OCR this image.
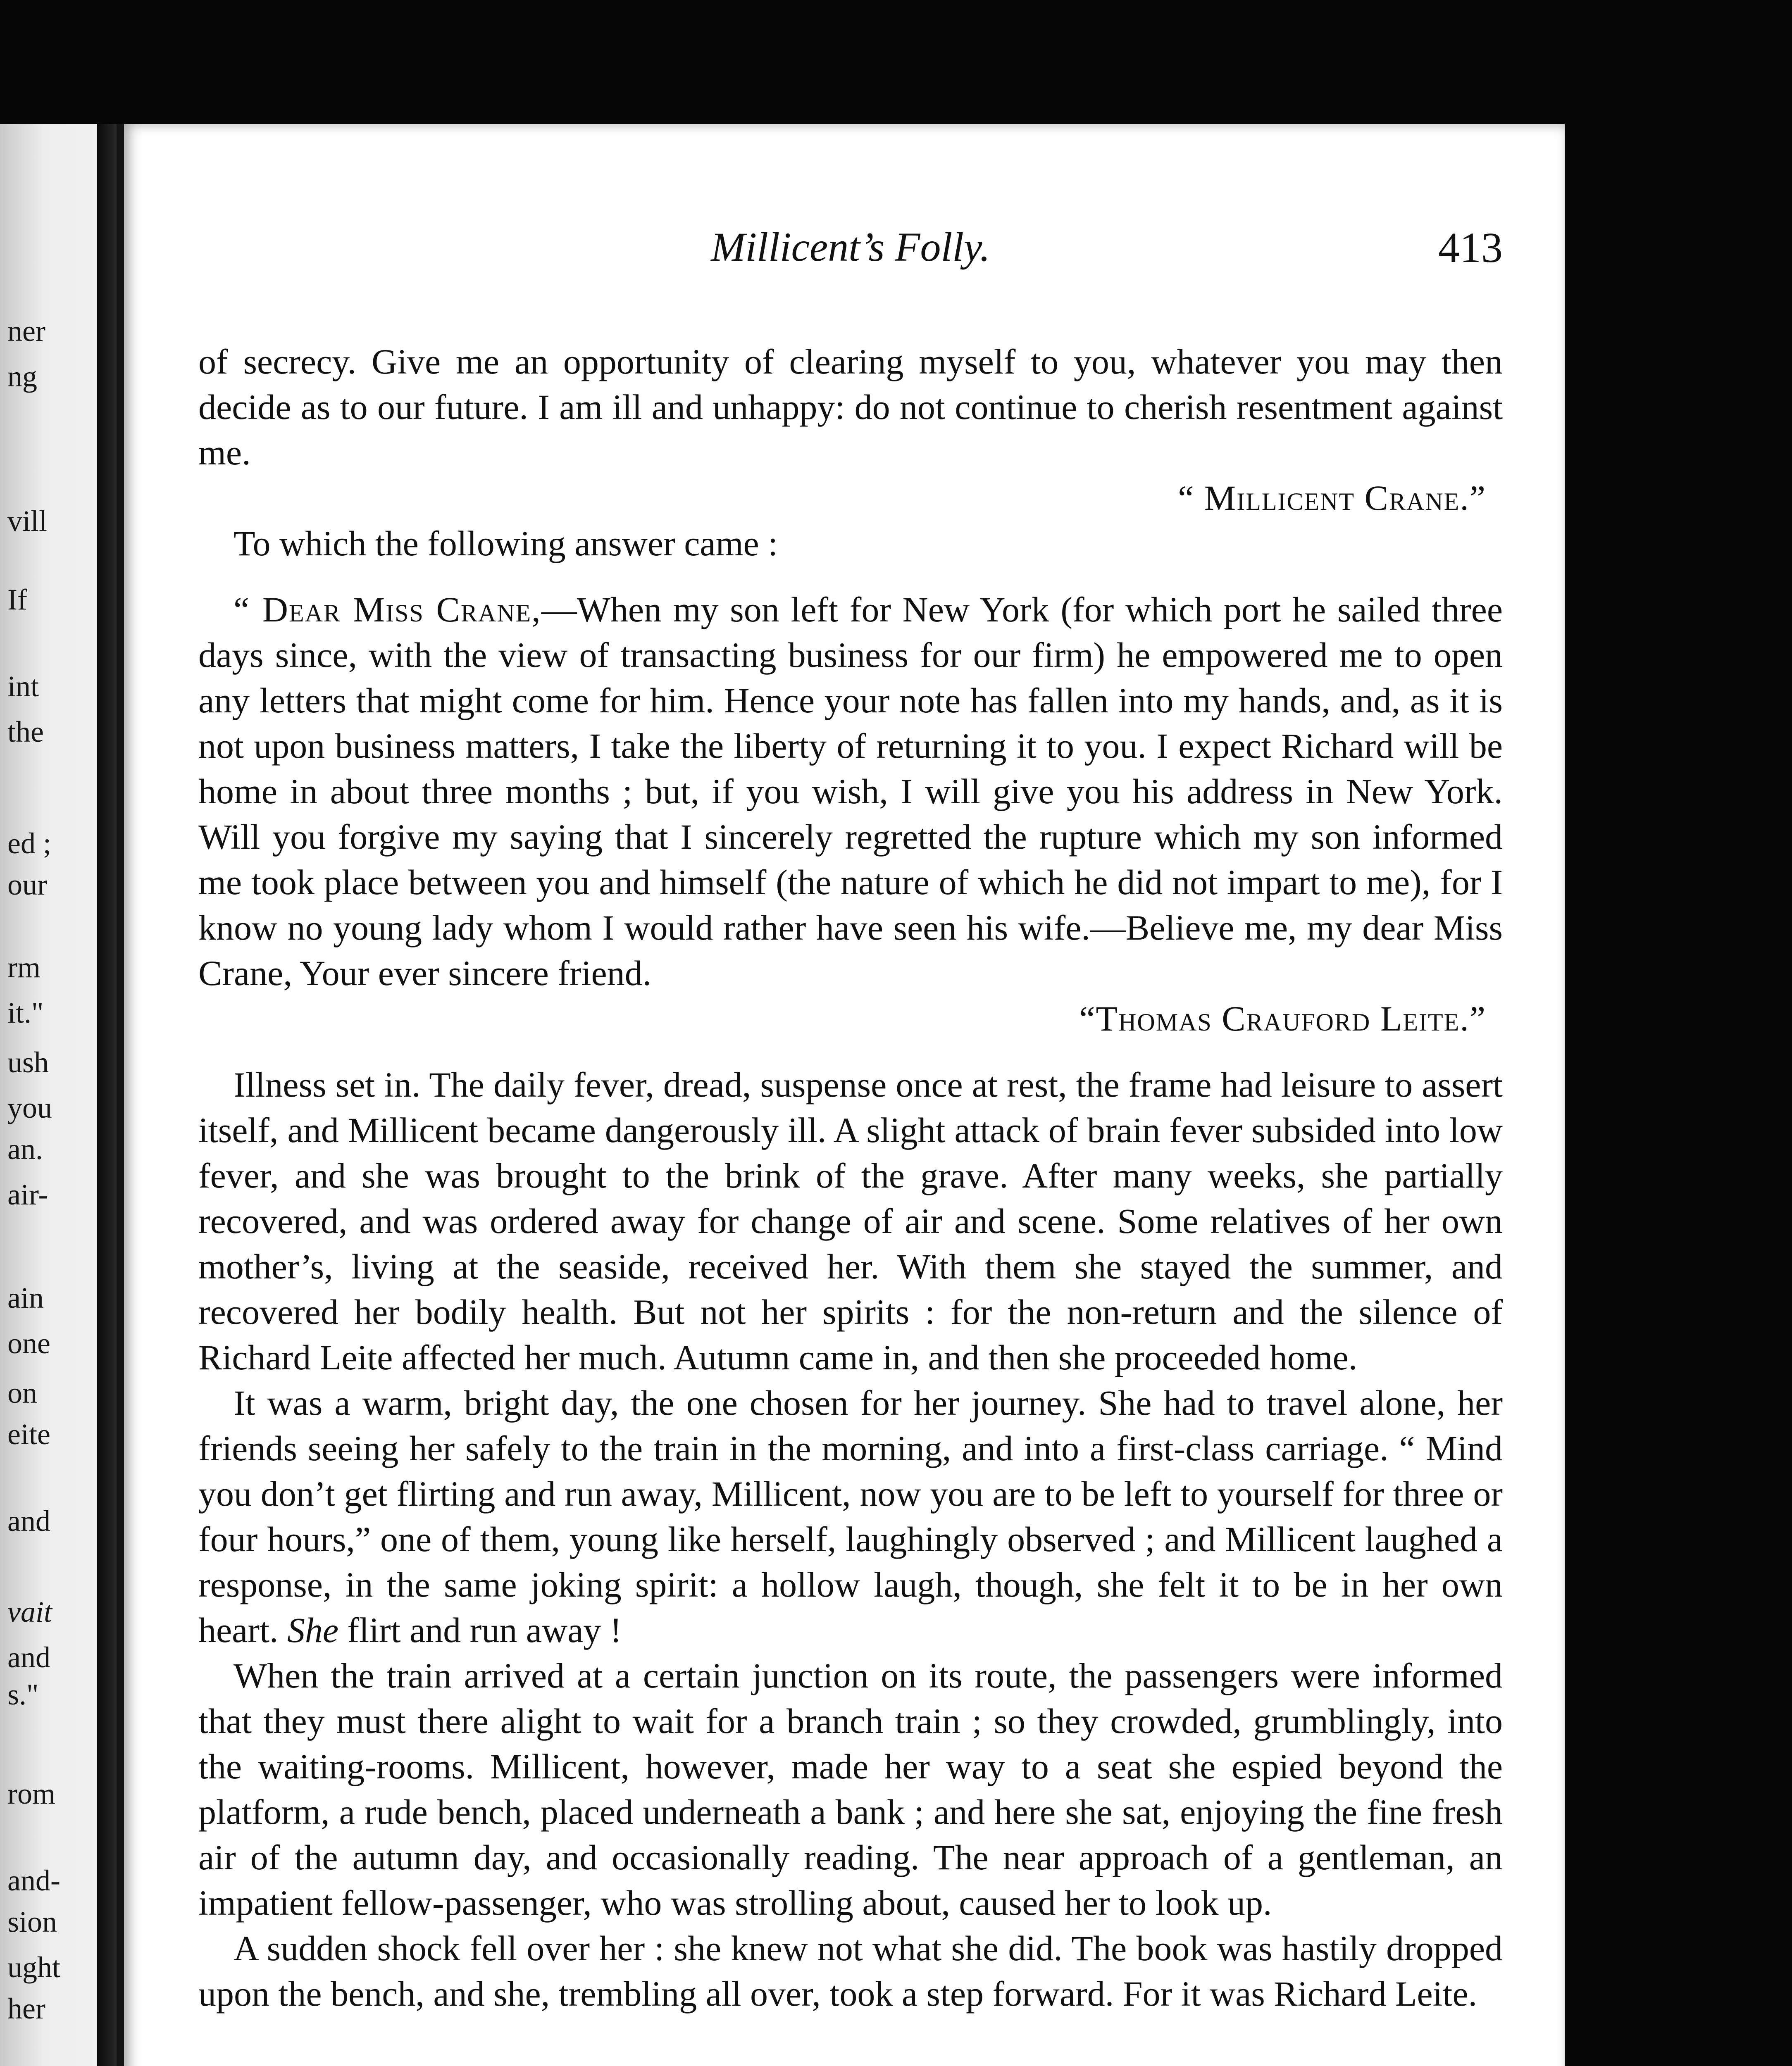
ner
ng
vill
If
int
the
ed ;
our
rm
it."
ush
you
an.
air-
ain
one
on
eite
and
vait
and
s."
rom
and-
sion
ught
her
Millicent’s Folly.	413

of secrecy. Give me an opportunity of clearing myself to you, whatever you may then decide as to our future. I am ill and unhappy: do not continue to cherish resentment against me.

“ Millicent Crane.”

To which the following answer came :

“ Dear Miss Crane,—When my son left for New York (for which port he sailed three days since, with the view of transacting business for our firm) he empowered me to open any letters that might come for him. Hence your note has fallen into my hands, and, as it is not upon business matters, I take the liberty of returning it to you. I expect Richard will be home in about three months ; but, if you wish, I will give you his address in New York. Will you forgive my saying that I sincerely regretted the rupture which my son informed me took place between you and himself (the nature of which he did not impart to me), for I know no young lady whom I would rather have seen his wife.—Believe me, my dear Miss Crane, Your ever sincere friend.

“Thomas Crauford Leite.”

Illness set in. The daily fever, dread, suspense once at rest, the frame had leisure to assert itself, and Millicent became dangerously ill. A slight attack of brain fever subsided into low fever, and she was brought to the brink of the grave. After many weeks, she partially recovered, and was ordered away for change of air and scene. Some relatives of her own mother’s, living at the seaside, received her. With them she stayed the summer, and recovered her bodily health. But not her spirits : for the non-return and the silence of Richard Leite affected her much. Autumn came in, and then she proceeded home.

It was a warm, bright day, the one chosen for her journey. She had to travel alone, her friends seeing her safely to the train in the morning, and into a first-class carriage. “ Mind you don’t get flirting and run away, Millicent, now you are to be left to yourself for three or four hours,” one of them, young like herself, laughingly observed ; and Millicent laughed a response, in the same joking spirit: a hollow laugh, though, she felt it to be in her own heart. She flirt and run away !

When the train arrived at a certain junction on its route, the passengers were informed that they must there alight to wait for a branch train ; so they crowded, grumblingly, into the waiting-rooms. Millicent, however, made her way to a seat she espied beyond the platform, a rude bench, placed underneath a bank ; and here she sat, enjoying the fine fresh air of the autumn day, and occasionally reading. The near approach of a gentleman, an impatient fellow-passenger, who was strolling about, caused her to look up.

A sudden shock fell over her : she knew not what she did. The book was hastily dropped upon the bench, and she, trembling all over, took a step forward. For it was Richard Leite.
